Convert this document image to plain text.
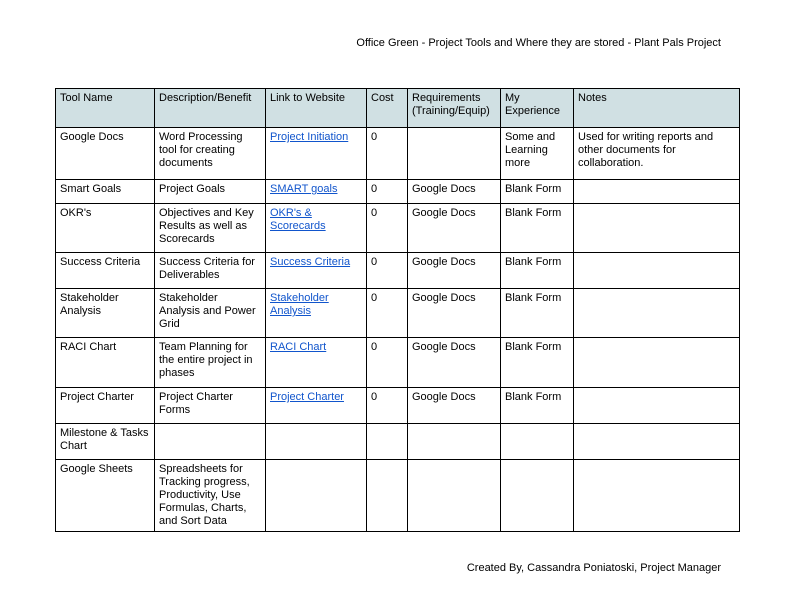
Office Green - Project Tools and Where they are stored - Plant Pals Project
Tool Name	Description/Benefit	Link to Website	Cost	Requirements (Training/Equip)	My Experience	Notes
Google Docs	Word Processing tool for creating documents	Project Initiation	0		Some and Learning more	Used for writing reports and other documents for collaboration.
Smart Goals	Project Goals	SMART goals	0	Google Docs	Blank Form	
OKR's	Objectives and Key Results as well as Scorecards	OKR's & Scorecards	0	Google Docs	Blank Form	
Success Criteria	Success Criteria for Deliverables	Success Criteria	0	Google Docs	Blank Form	
Stakeholder Analysis	Stakeholder Analysis and Power Grid	Stakeholder Analysis	0	Google Docs	Blank Form	
RACI Chart	Team Planning for the entire project in phases	RACI Chart	0	Google Docs	Blank Form	
Project Charter	Project Charter Forms	Project Charter	0	Google Docs	Blank Form	
Milestone & Tasks Chart						
Google Sheets	Spreadsheets for Tracking progress, Productivity, Use Formulas, Charts, and Sort Data					
Created By, Cassandra Poniatoski, Project Manager
